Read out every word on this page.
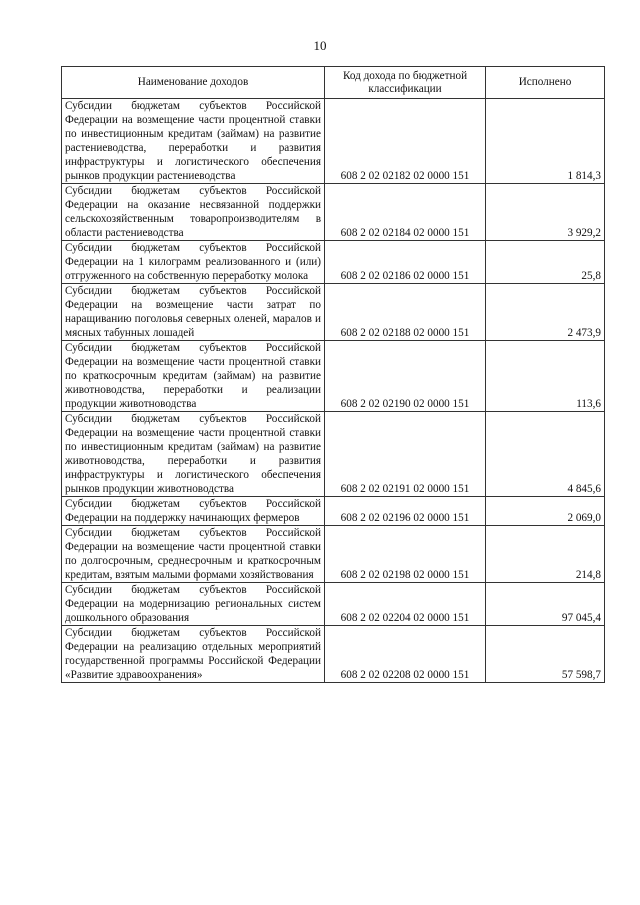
10
Наименование доходов	Код дохода по бюджетной классификации	Исполнено
Субсидии бюджетам субъектов Российской Федерации на возмещение части процентной ставки по инвестиционным кредитам (займам) на развитие растениеводства, переработки и развития инфраструктуры и логистического обеспечения рынков продукции растениеводства	608 2 02 02182 02 0000 151	1 814,3
Субсидии бюджетам субъектов Российской Федерации на оказание несвязанной поддержки сельскохозяйственным товаропроизводителям в области растениеводства	608 2 02 02184 02 0000 151	3 929,2
Субсидии бюджетам субъектов Российской Федерации на 1 килограмм реализованного и (или) отгруженного на собственную переработку молока	608 2 02 02186 02 0000 151	25,8
Субсидии бюджетам субъектов Российской Федерации на возмещение части затрат по наращиванию поголовья северных оленей, маралов и мясных табунных лошадей	608 2 02 02188 02 0000 151	2 473,9
Субсидии бюджетам субъектов Российской Федерации на возмещение части процентной ставки по краткосрочным кредитам (займам) на развитие животноводства, переработки и реализации продукции животноводства	608 2 02 02190 02 0000 151	113,6
Субсидии бюджетам субъектов Российской Федерации на возмещение части процентной ставки по инвестиционным кредитам (займам) на развитие животноводства, переработки и развития инфраструктуры и логистического обеспечения рынков продукции животноводства	608 2 02 02191 02 0000 151	4 845,6
Субсидии бюджетам субъектов Российской Федерации на поддержку начинающих фермеров	608 2 02 02196 02 0000 151	2 069,0
Субсидии бюджетам субъектов Российской Федерации на возмещение части процентной ставки по долгосрочным, среднесрочным и краткосрочным кредитам, взятым малыми формами хозяйствования	608 2 02 02198 02 0000 151	214,8
Субсидии бюджетам субъектов Российской Федерации на модернизацию региональных систем дошкольного образования	608 2 02 02204 02 0000 151	97 045,4
Субсидии бюджетам субъектов Российской Федерации на реализацию отдельных мероприятий государственной программы Российской Федерации «Развитие здравоохранения»	608 2 02 02208 02 0000 151	57 598,7
